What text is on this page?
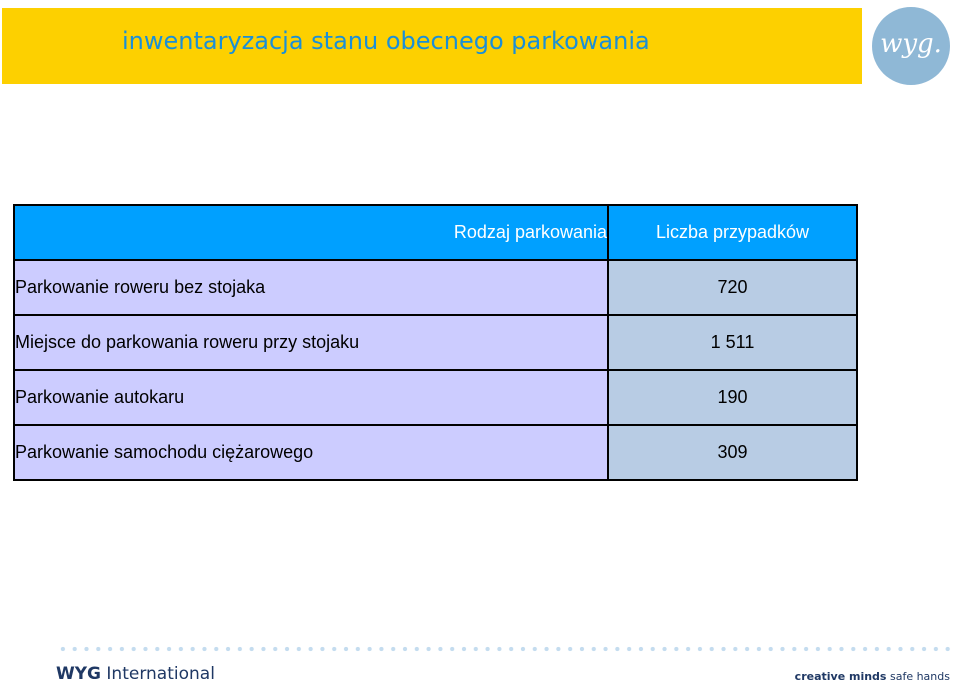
inwentaryzacja stanu obecnego parkowania	wyg.
Rodzaj parkowania	Liczba przypadków
Parkowanie roweru bez stojaka	720
Miejsce do parkowania roweru przy stojaku	1 511
Parkowanie autokaru	190
Parkowanie samochodu ciężarowego	309
WYG International	creative minds safe hands
